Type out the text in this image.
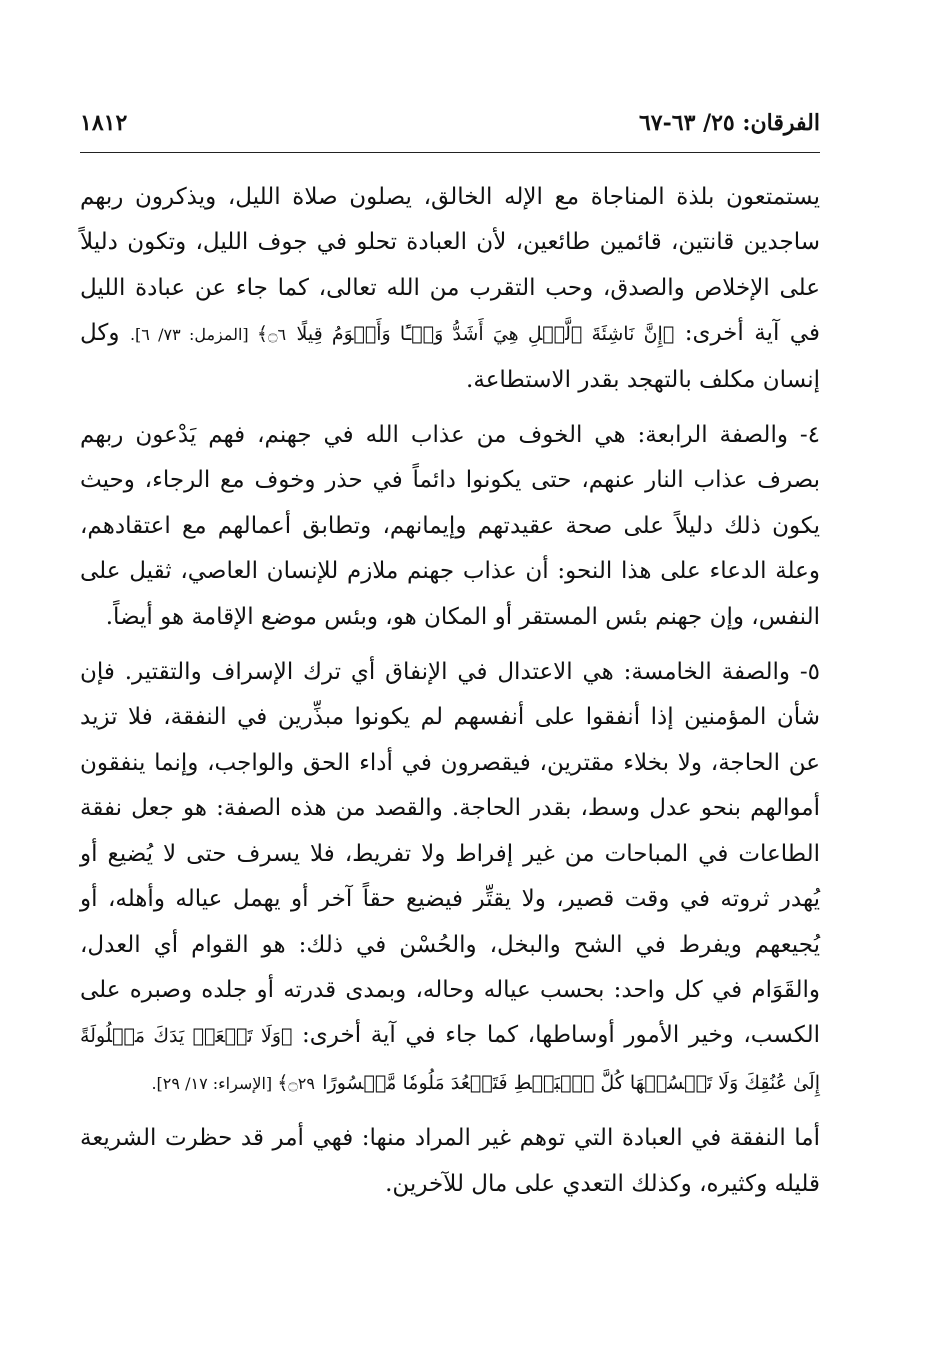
الفرقان: ٢٥/ ٦٣-٦٧
١٨١٢

يستمتعون بلذة المناجاة مع الإله الخالق، يصلون صلاة الليل، ويذكرون ربهم ساجدين قانتين، قائمين طائعين، لأن العبادة تحلو في جوف الليل، وتكون دليلاً على الإخلاص والصدق، وحب التقرب من الله تعالى، كما جاء عن عبادة الليل في آية أخرى: ﴿إِنَّ نَاشِئَةَ ٱلَّيۡلِ هِيَ أَشَدُّ وَطۡـًٔا وَأَقۡوَمُ قِيلًا ۝٦﴾ [المزمل: ٧٣/ ٦]. وكل إنسان مكلف بالتهجد بقدر الاستطاعة.

٤- والصفة الرابعة: هي الخوف من عذاب الله في جهنم، فهم يَدْعون ربهم بصرف عذاب النار عنهم، حتى يكونوا دائماً في حذر وخوف مع الرجاء، وحيث يكون ذلك دليلاً على صحة عقيدتهم وإيمانهم، وتطابق أعمالهم مع اعتقادهم، وعلة الدعاء على هذا النحو: أن عذاب جهنم ملازم للإنسان العاصي، ثقيل على النفس، وإن جهنم بئس المستقر أو المكان هو، وبئس موضع الإقامة هو أيضاً.

٥- والصفة الخامسة: هي الاعتدال في الإنفاق أي ترك الإسراف والتقتير. فإن شأن المؤمنين إذا أنفقوا على أنفسهم لم يكونوا مبذِّرين في النفقة، فلا تزيد عن الحاجة، ولا بخلاء مقترين، فيقصرون في أداء الحق والواجب، وإنما ينفقون أموالهم بنحو عدل وسط، بقدر الحاجة. والقصد من هذه الصفة: هو جعل نفقة الطاعات في المباحات من غير إفراط ولا تفريط، فلا يسرف حتى لا يُضيع أو يُهدر ثروته في وقت قصير، ولا يقتِّر فيضيع حقاً آخر أو يهمل عياله وأهله، أو يُجيعهم ويفرط في الشح والبخل، والحُسْن في ذلك: هو القوام أي العدل، والقَوَام في كل واحد: بحسب عياله وحاله، وبمدى قدرته أو جلده وصبره على الكسب، وخير الأمور أوساطها، كما جاء في آية أخرى: ﴿وَلَا تَجۡعَلۡ يَدَكَ مَغۡلُولَةً إِلَىٰ عُنُقِكَ وَلَا تَبۡسُطۡهَا كُلَّ ٱلۡبَسۡطِ فَتَقۡعُدَ مَلُومٗا مَّحۡسُورًا ۝٢٩﴾ [الإسراء: ١٧/ ٢٩].

أما النفقة في العبادة التي توهم غير المراد منها: فهي أمر قد حظرت الشريعة قليله وكثيره، وكذلك التعدي على مال للآخرين.
